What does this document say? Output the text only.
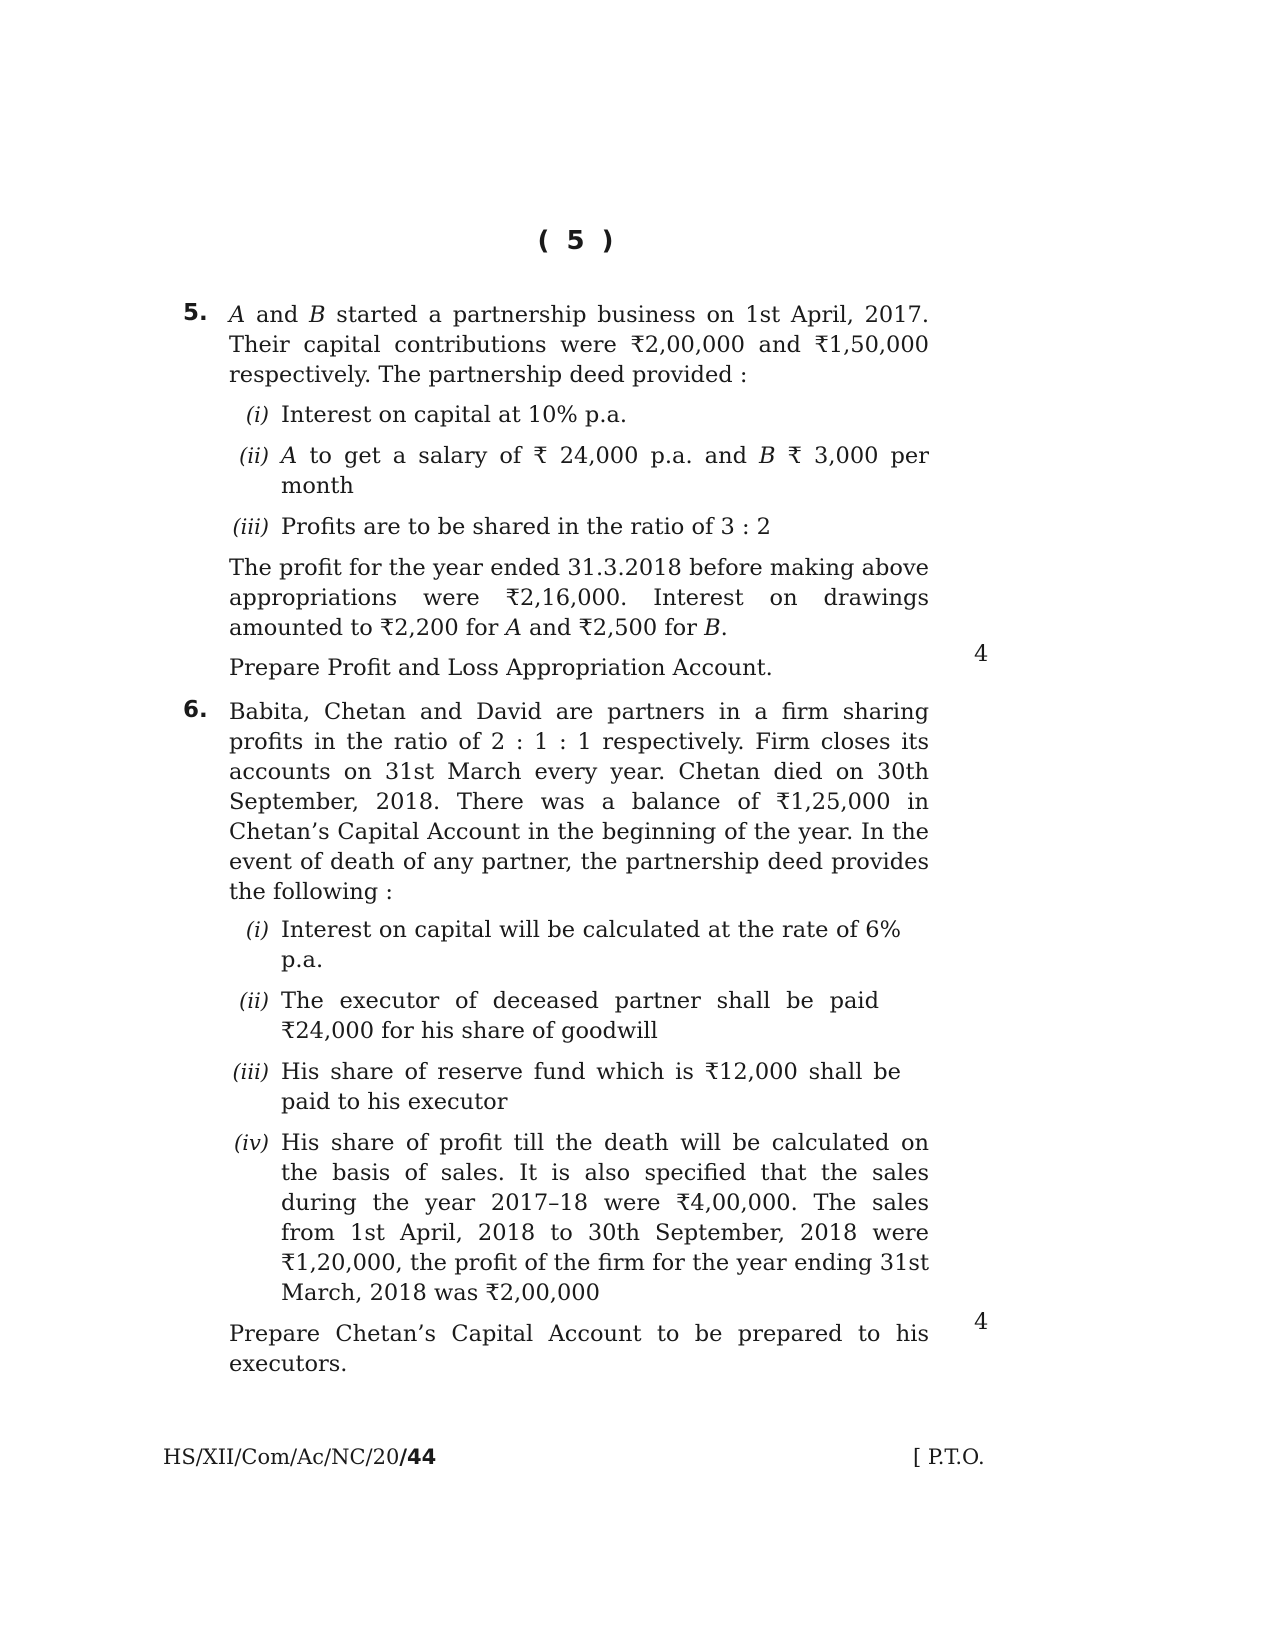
( 5 )
5. A and B started a partnership business on 1st April, 2017. Their capital contributions were ₹2,00,000 and ₹1,50,000 respectively. The partnership deed provided :

(i) Interest on capital at 10% p.a.
(ii) A to get a salary of ₹ 24,000 p.a. and B ₹ 3,000 per month
(iii) Profits are to be shared in the ratio of 3 : 2

The profit for the year ended 31.3.2018 before making above appropriations were ₹2,16,000. Interest on drawings amounted to ₹2,200 for A and ₹2,500 for B.

Prepare Profit and Loss Appropriation Account.

4
6. Babita, Chetan and David are partners in a firm sharing profits in the ratio of 2 : 1 : 1 respectively. Firm closes its accounts on 31st March every year. Chetan died on 30th September, 2018. There was a balance of ₹1,25,000 in Chetan’s Capital Account in the beginning of the year. In the event of death of any partner, the partnership deed provides the following :

(i) Interest on capital will be calculated at the rate of 6% p.a.
(ii) The executor of deceased partner shall be paid ₹24,000 for his share of goodwill
(iii) His share of reserve fund which is ₹12,000 shall be paid to his executor
(iv) His share of profit till the death will be calculated on the basis of sales. It is also specified that the sales during the year 2017–18 were ₹4,00,000. The sales from 1st April, 2018 to 30th September, 2018 were ₹1,20,000, the profit of the firm for the year ending 31st March, 2018 was ₹2,00,000

Prepare Chetan’s Capital Account to be prepared to his executors.

4
HS/XII/Com/Ac/NC/20/44	[ P.T.O.
